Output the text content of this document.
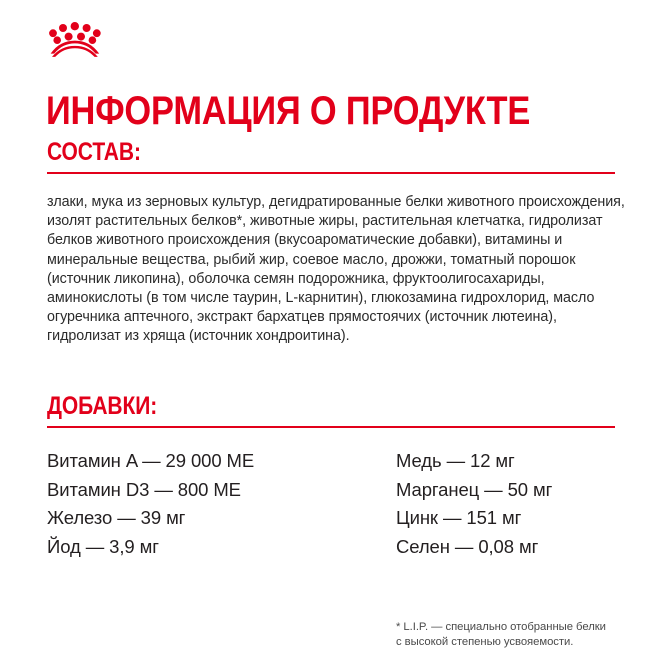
ИНФОРМАЦИЯ О ПРОДУКТЕ
СОСТАВ:

злаки, мука из зерновых культур, дегидратированные белки животного происхождения, изолят растительных белков*, животные жиры, растительная клетчатка, гидролизат белков животного происхождения (вкусоароматические добавки), витамины и минеральные вещества, рыбий жир, соевое масло, дрожжи, томатный порошок (источник ликопина), оболочка семян подорожника, фруктоолигосахариды, аминокислоты (в том числе таурин, L-карнитин), глюкозамина гидрохлорид, масло огуречника аптечного, экстракт бархатцев прямостоячих (источник лютеина), гидролизат из хряща (источник хондроитина).

ДОБАВКИ:
Витамин A — 29 000 МЕ
Витамин D3 — 800 МЕ
Железо — 39 мг
Йод — 3,9 мг
Медь — 12 мг
Марганец — 50 мг
Цинк — 151 мг
Селен — 0,08 мг

* L.I.P. — специально отобранные белки
с высокой степенью усвояемости.
